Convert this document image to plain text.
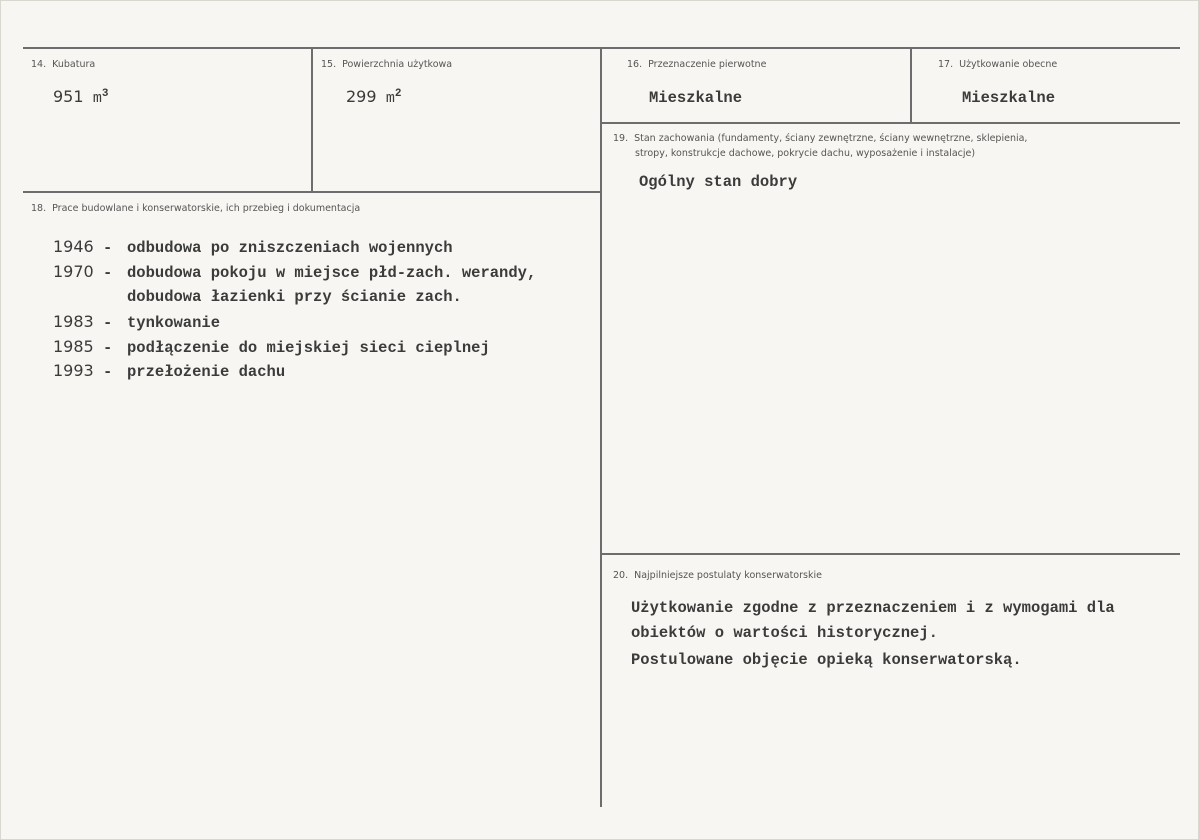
14. Kubatura
951 $m^3$
15. Powierzchnia użytkowa
299 $m^2$
16. Przeznaczenie pierwotne
Mieszkalne
17. Użytkowanie obecne
Mieszkalne
19. Stan zachowania (fundamenty, ściany zewnętrzne, ściany wewnętrzne, sklepienia,
stropy, konstrukcje dachowe, pokrycie dachu, wyposażenie i instalacje)
Ogólny stan dobry
18. Prace budowlane i konserwatorskie, ich przebieg i dokumentacja
1946 - odbudowa po zniszczeniach wojennych
1970 - dobudowa pokoju w miejsce płd-zach. werandy,
dobudowa łazienki przy ścianie zach.
1983 - tynkowanie
1985 - podłączenie do miejskiej sieci cieplnej
1993 - przełożenie dachu
20. Najpilniejsze postulaty konserwatorskie
Użytkowanie zgodne z przeznaczeniem i z wymogami dla
obiektów o wartości historycznej.
Postulowane objęcie opieką konserwatorską.
